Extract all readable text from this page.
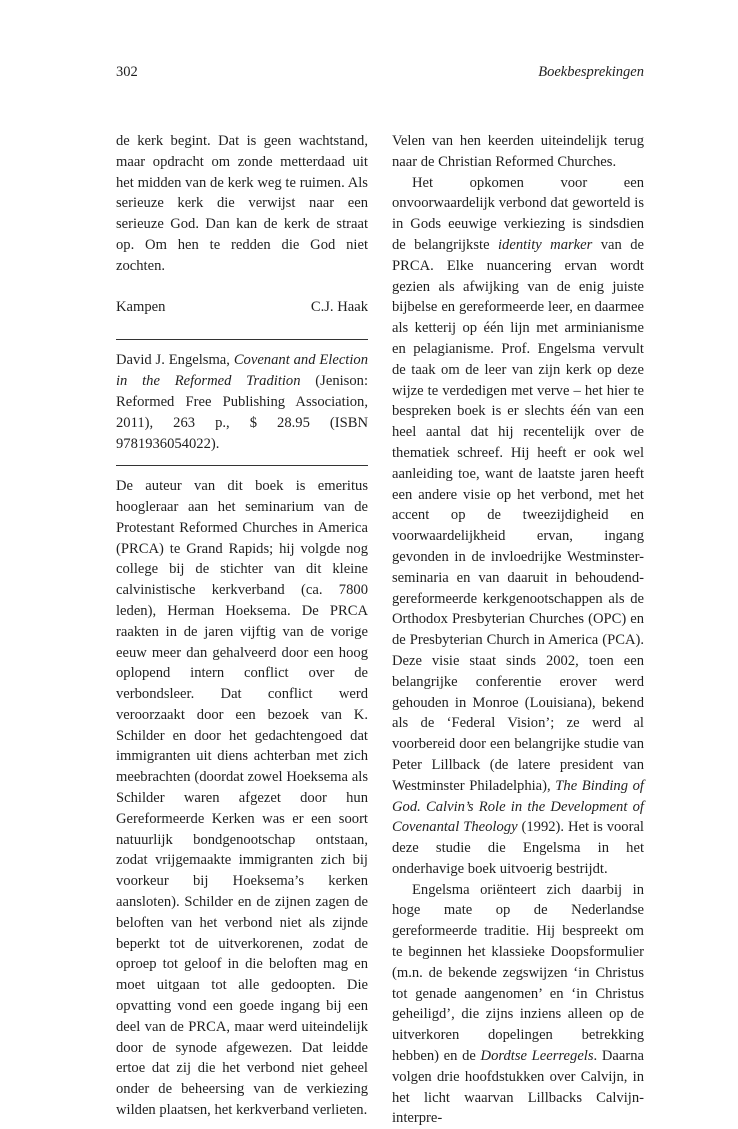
302	Boekbesprekingen

de kerk begint. Dat is geen wachtstand, maar opdracht om zonde metterdaad uit het midden van de kerk weg te ruimen. Als serieuze kerk die verwijst naar een serieuze God. Dan kan de kerk de straat op. Om hen te redden die God niet zochten.

Kampen	C.J. Haak

David J. Engelsma, Covenant and Election in the Reformed Tradition (Jenison: Reformed Free Publishing Association, 2011), 263 p., $ 28.95 (ISBN 9781936054022).

De auteur van dit boek is emeritus hoogleraar aan het seminarium van de Protestant Reformed Churches in America (PRCA) te Grand Rapids; hij volgde nog college bij de stichter van dit kleine calvinistische kerkverband (ca. 7800 leden), Herman Hoeksema. De PRCA raakten in de jaren vijftig van de vorige eeuw meer dan gehalveerd door een hoog oplopend intern conflict over de verbondsleer. Dat conflict werd veroorzaakt door een bezoek van K. Schilder en door het gedachtengoed dat immigranten uit diens achterban met zich meebrachten (doordat zowel Hoeksema als Schilder waren afgezet door hun Gereformeerde Kerken was er een soort natuurlijk bondgenootschap ontstaan, zodat vrijgemaakte immigranten zich bij voorkeur bij Hoeksema’s kerken aansloten). Schilder en de zijnen zagen de beloften van het verbond niet als zijnde beperkt tot de uitverkorenen, zodat de oproep tot geloof in die beloften mag en moet uitgaan tot alle gedoopten. Die opvatting vond een goede ingang bij een deel van de PRCA, maar werd uiteindelijk door de synode afgewezen. Dat leidde ertoe dat zij die het verbond niet geheel onder de beheersing van de verkiezing wilden plaatsen, het kerkverband verlieten.

Velen van hen keerden uiteindelijk terug naar de Christian Reformed Churches.

Het opkomen voor een onvoorwaardelijk verbond dat geworteld is in Gods eeuwige verkiezing is sindsdien de belangrijkste identity marker van de PRCA. Elke nuancering ervan wordt gezien als afwijking van de enig juiste bijbelse en gereformeerde leer, en daarmee als ketterij op één lijn met arminianisme en pelagianisme. Prof. Engelsma vervult de taak om de leer van zijn kerk op deze wijze te verdedigen met verve – het hier te bespreken boek is er slechts één van een heel aantal dat hij recentelijk over de thematiek schreef. Hij heeft er ook wel aanleiding toe, want de laatste jaren heeft een andere visie op het verbond, met het accent op de tweezijdigheid en voorwaardelijkheid ervan, ingang gevonden in de invloedrijke Westminster-seminaria en van daaruit in behoudend-gereformeerde kerkgenootschappen als de Orthodox Presbyterian Churches (OPC) en de Presbyterian Church in America (PCA). Deze visie staat sinds 2002, toen een belangrijke conferentie erover werd gehouden in Monroe (Louisiana), bekend als de ‘Federal Vision’; ze werd al voorbereid door een belangrijke studie van Peter Lillback (de latere president van Westminster Philadelphia), The Binding of God. Calvin’s Role in the Development of Covenantal Theology (1992). Het is vooral deze studie die Engelsma in het onderhavige boek uitvoerig bestrijdt.

Engelsma oriënteert zich daarbij in hoge mate op de Nederlandse gereformeerde traditie. Hij bespreekt om te beginnen het klassieke Doopsformulier (m.n. de bekende zegswijzen ‘in Christus tot genade aangenomen’ en ‘in Christus geheiligd’, die zijns inziens alleen op de uitverkoren dopelingen betrekking hebben) en de Dordtse Leerregels. Daarna volgen drie hoofdstukken over Calvijn, in het licht waarvan Lillbacks Calvijn-interpre-
